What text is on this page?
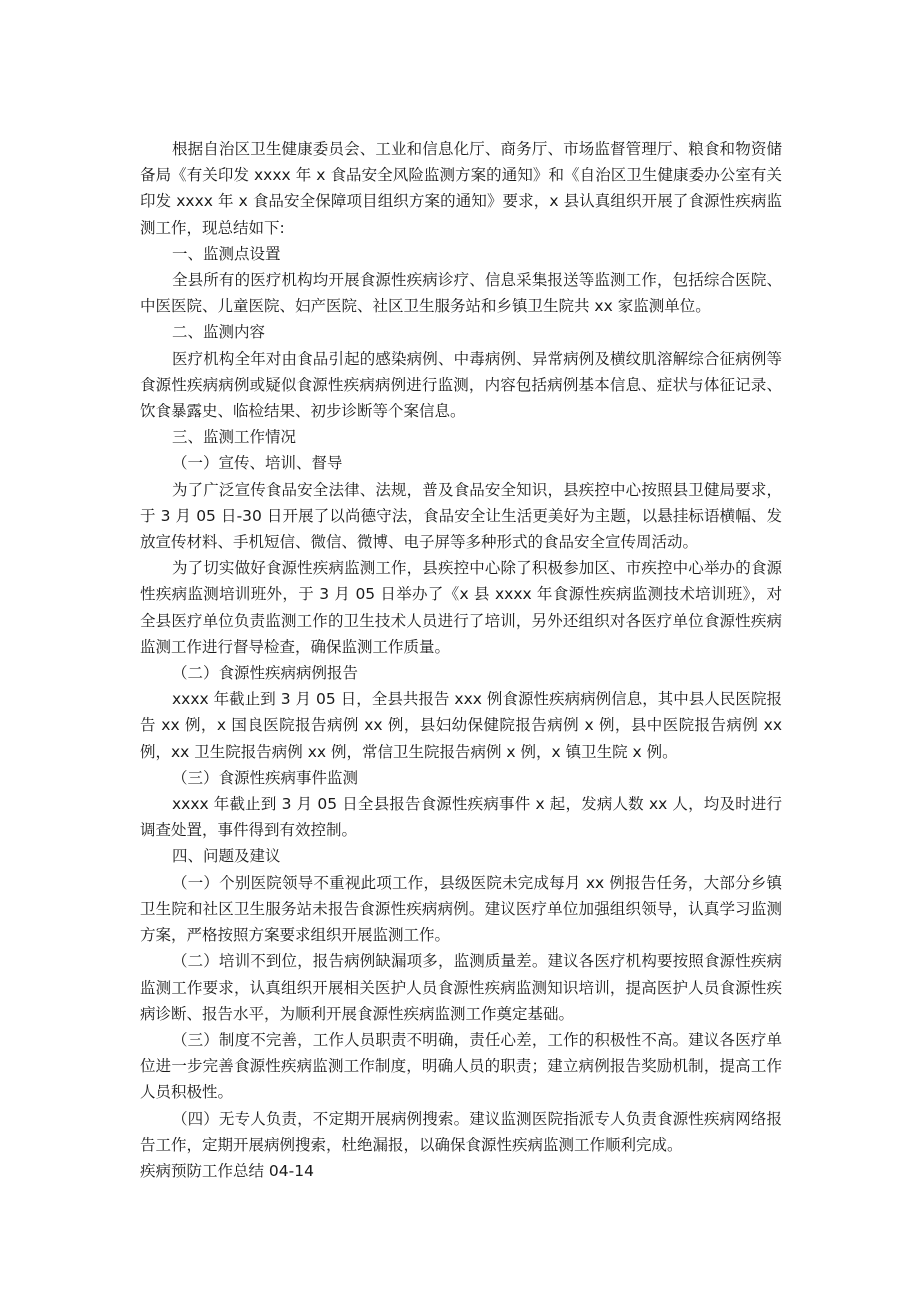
根据自治区卫生健康委员会、工业和信息化厅、商务厅、市场监督管理厅、粮食和物资储备局《有关印发 xxxx 年 x 食品安全风险监测方案的通知》和《自治区卫生健康委办公室有关印发 xxxx 年 x 食品安全保障项目组织方案的通知》要求，x 县认真组织开展了食源性疾病监测工作，现总结如下:

一、监测点设置

全县所有的医疗机构均开展食源性疾病诊疗、信息采集报送等监测工作，包括综合医院、中医医院、儿童医院、妇产医院、社区卫生服务站和乡镇卫生院共 xx 家监测单位。

二、监测内容

医疗机构全年对由食品引起的感染病例、中毒病例、异常病例及横纹肌溶解综合征病例等食源性疾病病例或疑似食源性疾病病例进行监测，内容包括病例基本信息、症状与体征记录、饮食暴露史、临检结果、初步诊断等个案信息。

三、监测工作情况

（一）宣传、培训、督导

为了广泛宣传食品安全法律、法规，普及食品安全知识，县疾控中心按照县卫健局要求，于 3 月 05 日-30 日开展了以尚德守法，食品安全让生活更美好为主题，以悬挂标语横幅、发放宣传材料、手机短信、微信、微博、电子屏等多种形式的食品安全宣传周活动。

为了切实做好食源性疾病监测工作，县疾控中心除了积极参加区、市疾控中心举办的食源性疾病监测培训班外，于 3 月 05 日举办了《x 县 xxxx 年食源性疾病监测技术培训班》，对全县医疗单位负责监测工作的卫生技术人员进行了培训，另外还组织对各医疗单位食源性疾病监测工作进行督导检查，确保监测工作质量。

（二）食源性疾病病例报告

xxxx 年截止到 3 月 05 日，全县共报告 xxx 例食源性疾病病例信息，其中县人民医院报告 xx 例，x 国良医院报告病例 xx 例，县妇幼保健院报告病例 x 例，县中医院报告病例 xx 例，xx 卫生院报告病例 xx 例，常信卫生院报告病例 x 例，x 镇卫生院 x 例。

（三）食源性疾病事件监测

xxxx 年截止到 3 月 05 日全县报告食源性疾病事件 x 起，发病人数 xx 人，均及时进行调查处置，事件得到有效控制。

四、问题及建议

（一）个别医院领导不重视此项工作，县级医院未完成每月 xx 例报告任务，大部分乡镇卫生院和社区卫生服务站未报告食源性疾病病例。建议医疗单位加强组织领导，认真学习监测方案，严格按照方案要求组织开展监测工作。

（二）培训不到位，报告病例缺漏项多，监测质量差。建议各医疗机构要按照食源性疾病监测工作要求，认真组织开展相关医护人员食源性疾病监测知识培训，提高医护人员食源性疾病诊断、报告水平，为顺利开展食源性疾病监测工作奠定基础。

（三）制度不完善，工作人员职责不明确，责任心差，工作的积极性不高。建议各医疗单位进一步完善食源性疾病监测工作制度，明确人员的职责；建立病例报告奖励机制，提高工作人员积极性。

（四）无专人负责，不定期开展病例搜索。建议监测医院指派专人负责食源性疾病网络报告工作，定期开展病例搜索，杜绝漏报，以确保食源性疾病监测工作顺利完成。

疾病预防工作总结 04-14
